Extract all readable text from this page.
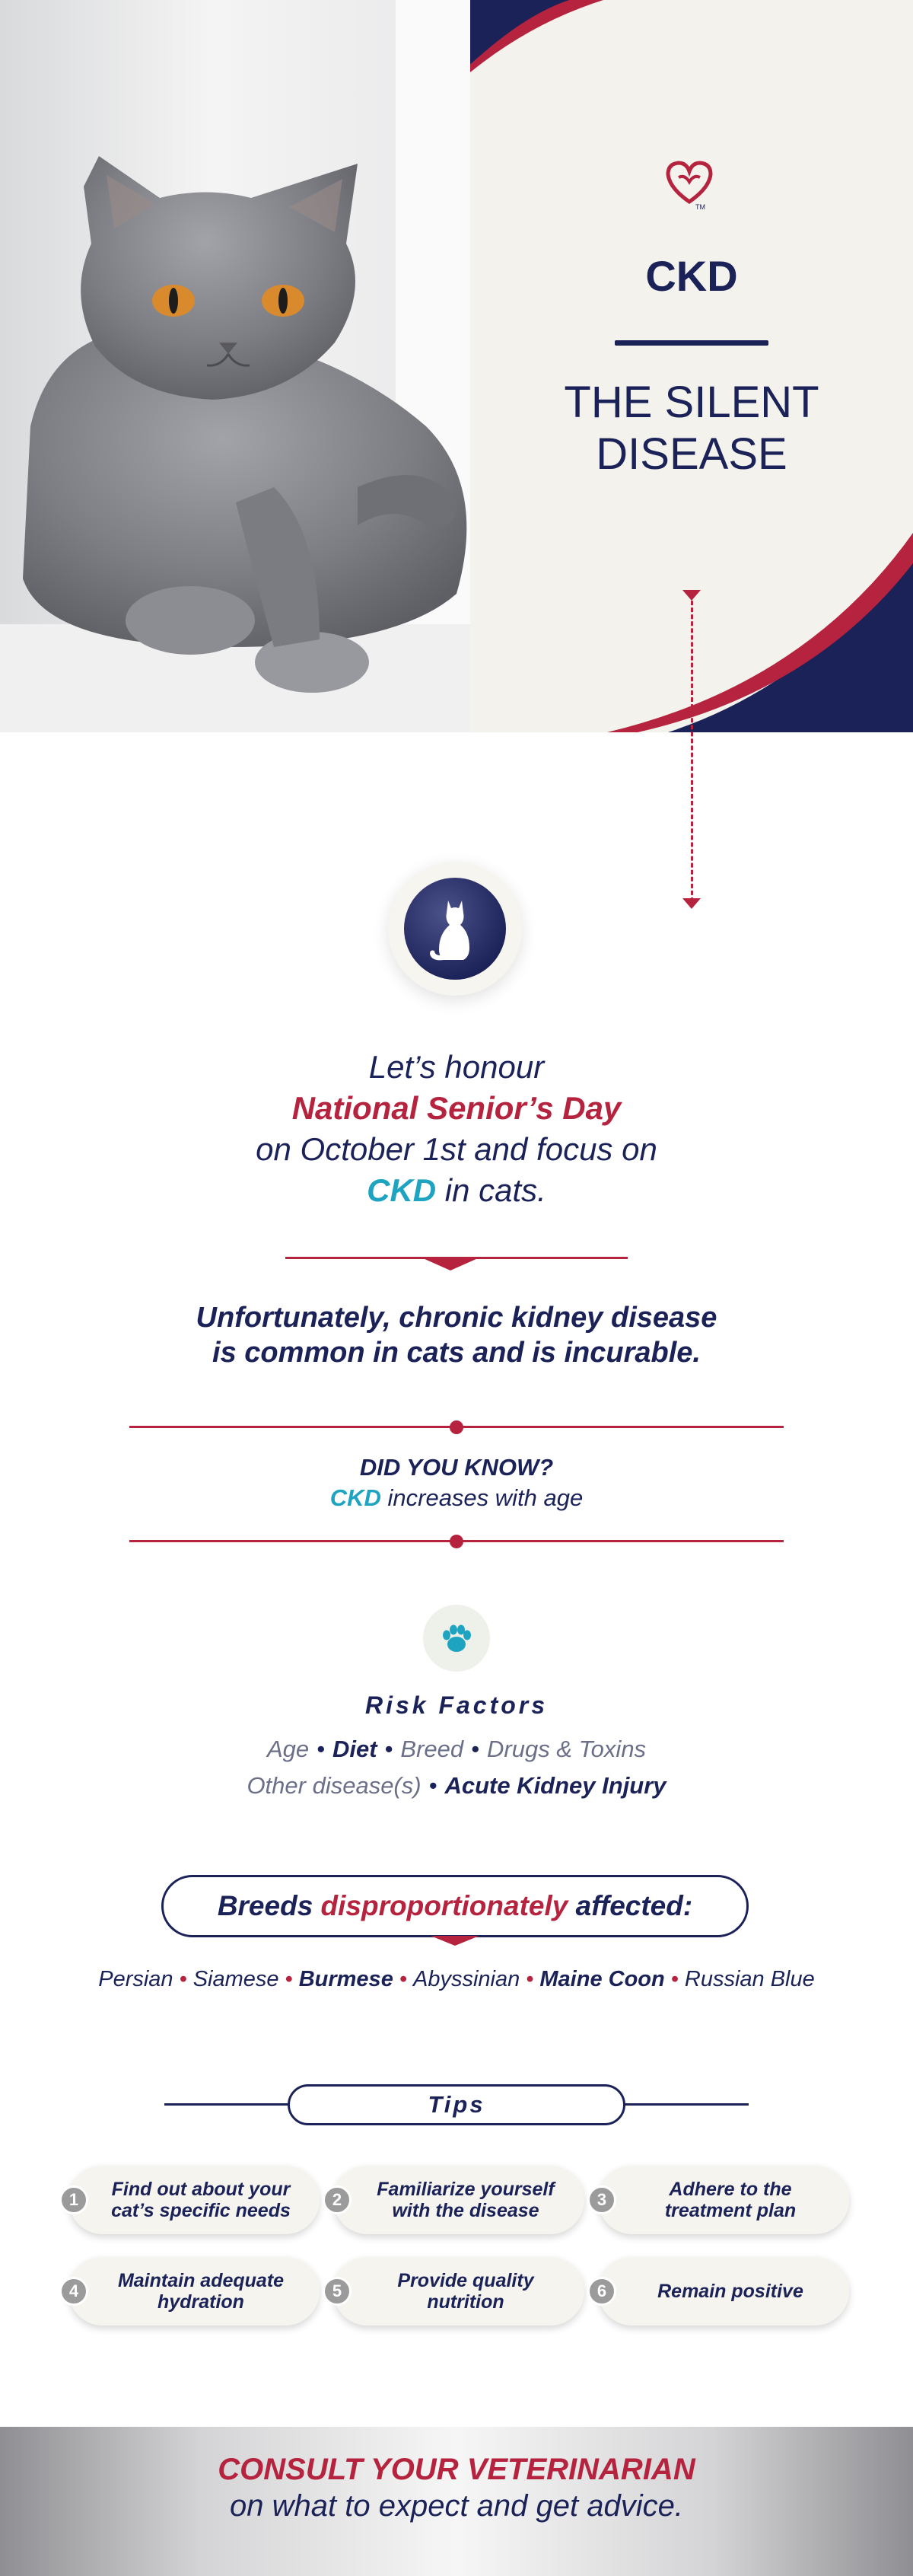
TM
CKD
THE SILENT
DISEASE
Let’s honour
National Senior’s Day
on October 1st and focus on
CKD in cats.
Unfortunately, chronic kidney disease
is common in cats and is incurable.
DID YOU KNOW?
CKD increases with age
Risk Factors
Age • Diet • Breed • Drugs & Toxins
Other disease(s) • Acute Kidney Injury
Breeds disproportionately affected:
Persian • Siamese • Burmese • Abyssinian • Maine Coon • Russian Blue
Tips
Find out about your
cat’s specific needs
Familiarize yourself
with the disease
Adhere to the
treatment plan
Maintain adequate
hydration
Provide quality
nutrition	Remain positive
1	2	3
4	5	6
CONSULT YOUR VETERINARIAN
on what to expect and get advice.
